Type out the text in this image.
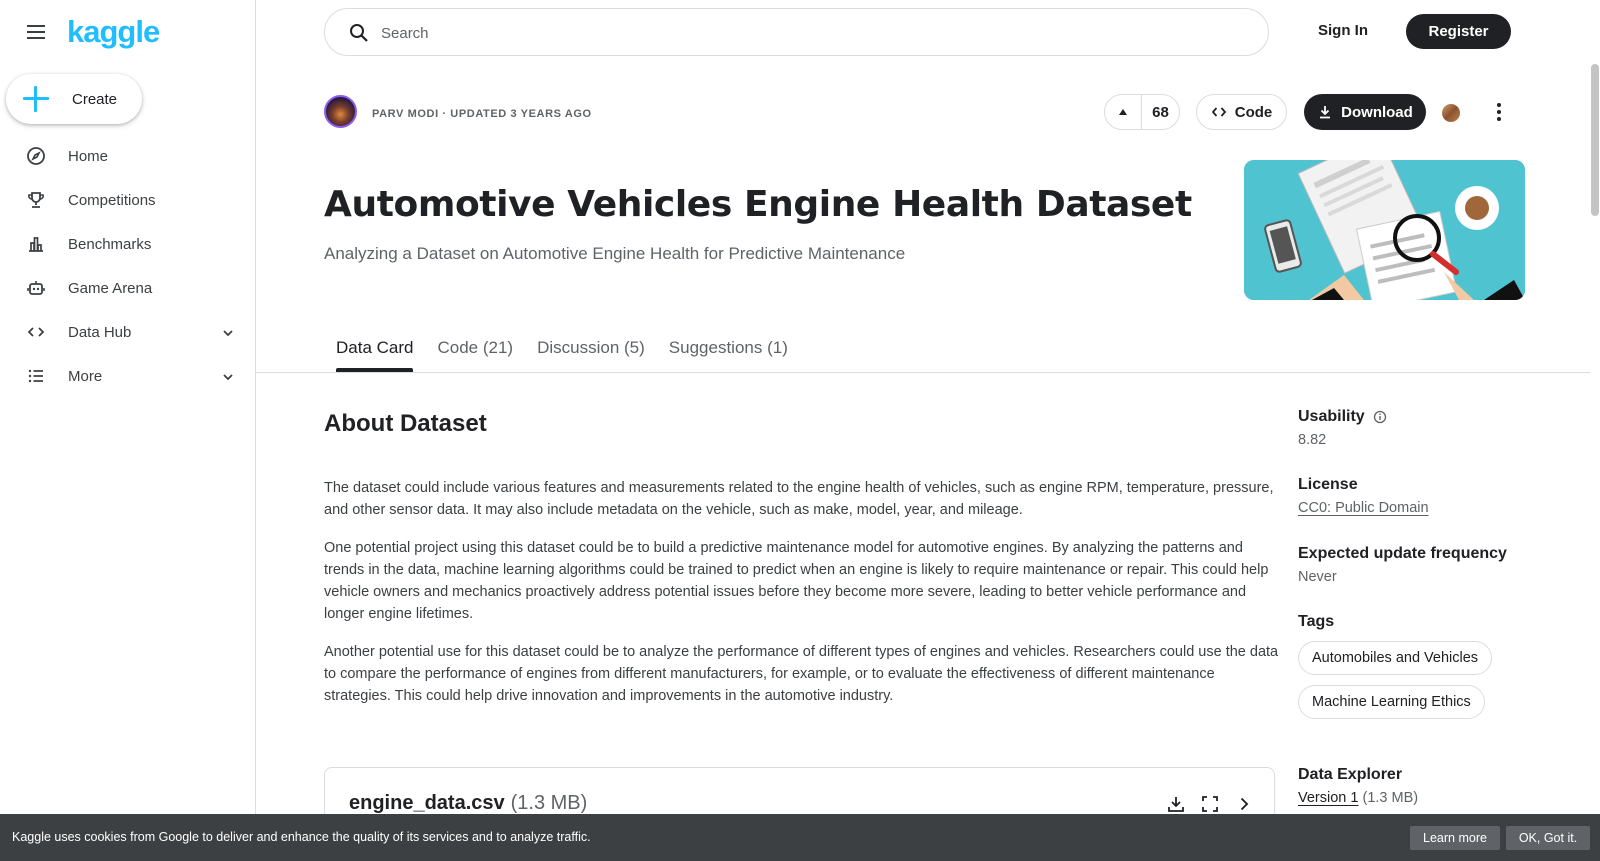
kaggle
Create
Home
Competitions
Benchmarks
Game Arena
Data Hub
More
Search
Sign In	Register
PARV MODI · UPDATED 3 YEARS AGO	68	Code	Download
Automotive Vehicles Engine Health Dataset
Analyzing a Dataset on Automotive Engine Health for Predictive Maintenance
Data Card	Code (21)	Discussion (5)	Suggestions (1)
About Dataset

The dataset could include various features and measurements related to the engine health of vehicles, such as engine RPM, temperature, pressure, and other sensor data. It may also include metadata on the vehicle, such as make, model, year, and mileage.

One potential project using this dataset could be to build a predictive maintenance model for automotive engines. By analyzing the patterns and trends in the data, machine learning algorithms could be trained to predict when an engine is likely to require maintenance or repair. This could help vehicle owners and mechanics proactively address potential issues before they become more severe, leading to better vehicle performance and longer engine lifetimes.

Another potential use for this dataset could be to analyze the performance of different types of engines and vehicles. Researchers could use the data to compare the performance of engines from different manufacturers, for example, or to evaluate the effectiveness of different maintenance strategies. This could help drive innovation and improvements in the automotive industry.

engine_data.csv (1.3 MB)
Usability
8.82
License
CC0: Public Domain
Expected update frequency
Never
Tags
Automobiles and Vehicles
Machine Learning Ethics
Data Explorer
Version 1 (1.3 MB)
Kaggle uses cookies from Google to deliver and enhance the quality of its services and to analyze traffic.	Learn more	OK, Got it.
